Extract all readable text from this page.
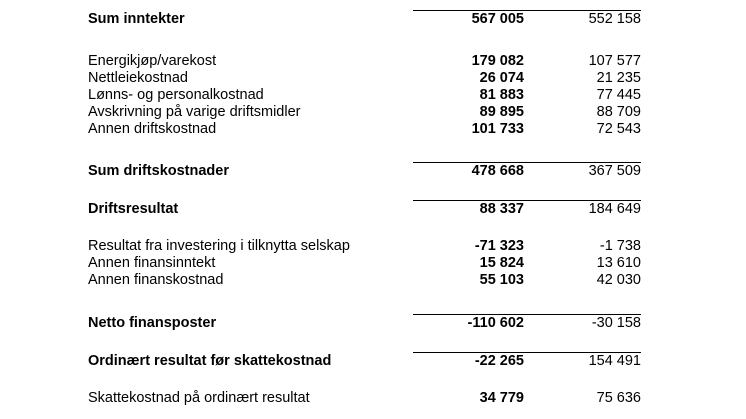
Sum inntekter	567 005	552 158
Energikjøp/varekost	179 082	107 577
Nettleiekostnad	26 074	21 235
Lønns- og personalkostnad	81 883	77 445
Avskrivning på varige driftsmidler	89 895	88 709
Annen driftskostnad	101 733	72 543
Sum driftskostnader	478 668	367 509
Driftsresultat	88 337	184 649
Resultat fra investering i tilknytta selskap	-71 323	-1 738
Annen finansinntekt	15 824	13 610
Annen finanskostnad	55 103	42 030
Netto finansposter	-110 602	-30 158
Ordinært resultat før skattekostnad	-22 265	154 491
Skattekostnad på ordinært resultat	34 779	75 636
